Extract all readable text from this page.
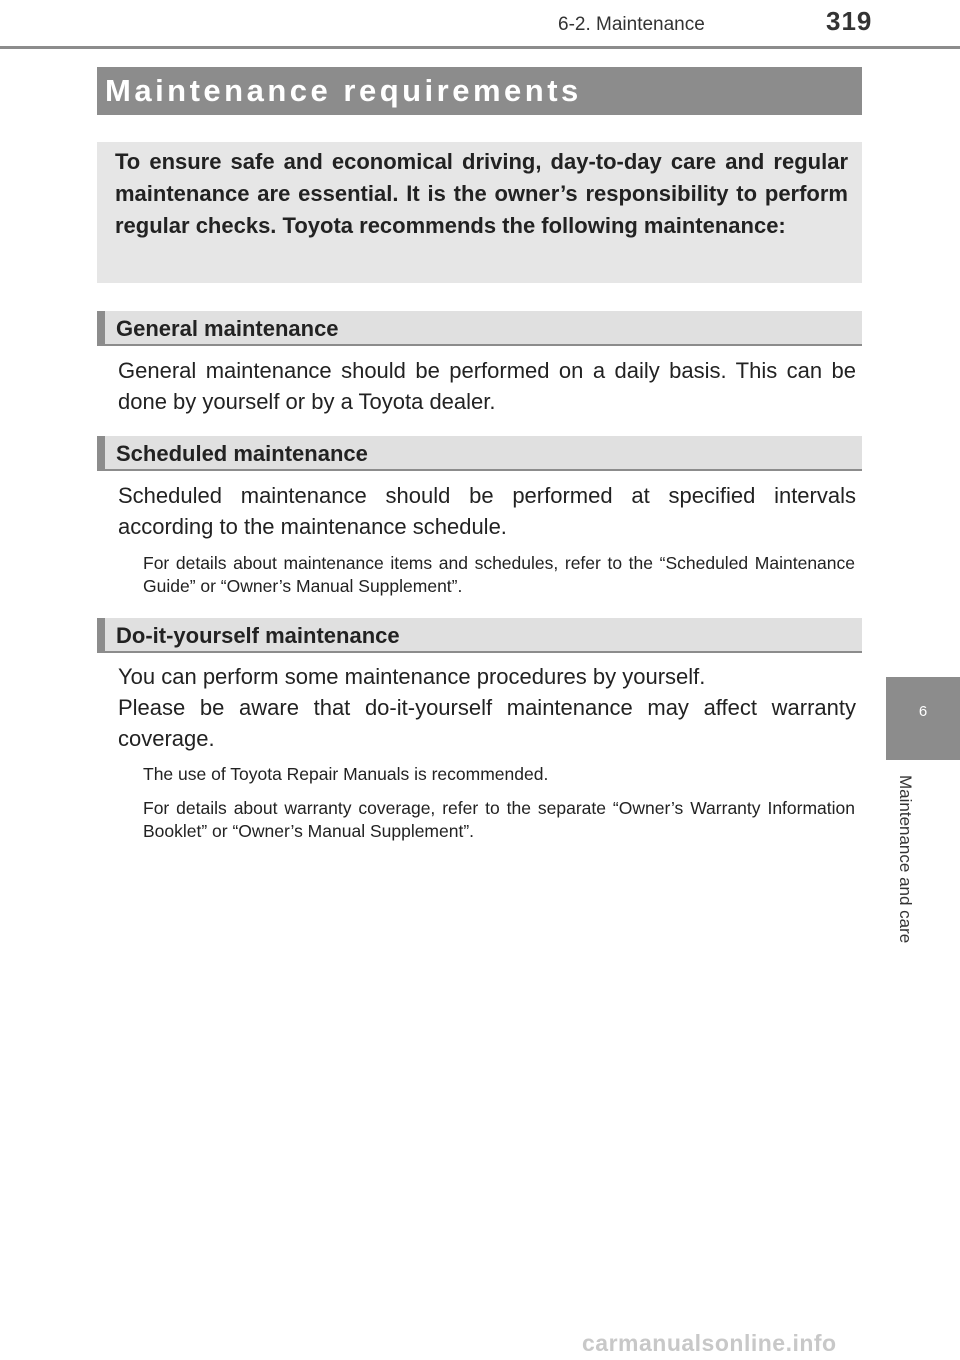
6-2. Maintenance	319
Maintenance requirements
To ensure safe and economical driving, day-to-day care and regular maintenance are essential. It is the owner’s responsibility to perform regular checks. Toyota recommends the following maintenance:
General maintenance
General maintenance should be performed on a daily basis. This can be done by yourself or by a Toyota dealer.
Scheduled maintenance
Scheduled maintenance should be performed at specified intervals according to the maintenance schedule.
For details about maintenance items and schedules, refer to the “Scheduled Maintenance Guide” or “Owner’s Manual Supplement”.
Do-it-yourself maintenance
You can perform some maintenance procedures by yourself.
Please be aware that do-it-yourself maintenance may affect warranty coverage.
The use of Toyota Repair Manuals is recommended.
For details about warranty coverage, refer to the separate “Owner’s Warranty Information Booklet” or “Owner’s Manual Supplement”.
6
Maintenance and care
carmanualsonline.info
